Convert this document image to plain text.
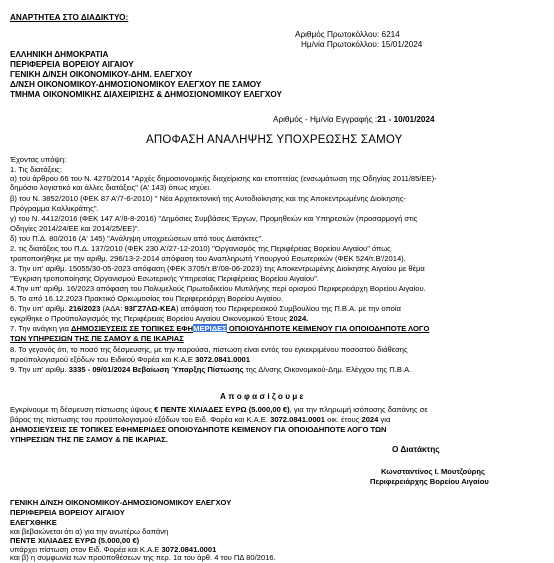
ΑΝΑΡΤΗΤΕΑ ΣΤΟ ΔΙΑΔΙΚΤΥΟ:
Αριθμός Πρωτοκόλλου: 6214
Ημ/νία Πρωτοκόλλου: 15/01/2024
ΕΛΛΗΝΙΚΗ ΔΗΜΟΚΡΑΤΙΑ
ΠΕΡΙΦΕΡΕΙΑ ΒΟΡΕΙΟΥ ΑΙΓΑΙΟΥ
ΓΕΝΙΚΗ Δ/ΝΣΗ ΟΙΚΟΝΟΜΙΚΟΥ-ΔΗΜ. ΕΛΕΓΧΟΥ
Δ/ΝΣΗ ΟΙΚΟΝΟΜΙΚΟΥ-ΔΗΜΟΣΙΟΝΟΜΙΚΟΥ ΕΛΕΓΧΟΥ ΠΕ ΣΑΜΟΥ
ΤΜΗΜΑ ΟΙΚΟΝΟΜΙΚΗΣ ΔΙΑΧΕΙΡΙΣΗΣ & ΔΗΜΟΣΙΟΝΟΜΙΚΟΥ ΕΛΕΓΧΟΥ
Αριθμός - Ημ/νία Εγγραφής :21 - 10/01/2024
ΑΠΟΦΑΣΗ ΑΝΑΛΗΨΗΣ ΥΠΟΧΡΕΩΣΗΣ ΣΑΜΟΥ
Έχοντας υπόψη:
1. Τις διατάξεις:
α) του άρθρου 66 του Ν. 4270/2014 "Αρχές δημοσιονομικής διαχείρισης και εποπτείας (ενσωμάτωση της Οδηγίας 2011/85/ΕΕ)-
δημόσιο λογιστικό και άλλες διατάξεις" (Α' 143) όπως ισχύει.
β) του Ν. 3852/2010 (ΦΕΚ 87 Α'/7-6-2010) " Νέα Αρχιτεκτονική της Αυτοδιοίκησης και της Αποκεντρωμένης Διοίκησης-
Πρόγραμμα Καλλικράτης".
γ) του Ν. 4412/2016 (ΦΕΚ 147 Α'/8-8-2016) "Δημόσιες Συμβάσεις Έργων, Προμηθειών και Υπηρεσιών (προσαρμογή στις
Οδηγίες 2014/24/ΕΕ και 2014/25/ΕΕ)".
δ) του Π.Δ. 80/2016 (Α' 145) "Ανάληψη υποχρεώσεων από τους Διατάκτες".
2. τις διατάξεις του Π.Δ. 137/2010 (ΦΕΚ 230 Α'/27-12-2010) "Οργανισμός της Περιφέρειας Βορείου Αιγαίου" όπως
τροποποιήθηκε με την αριθμ. 296/13-2-2014 απόφαση του Αναπληρωτή Υπουργού Εσωτερικών (ΦΕΚ 524/τ.Β'/2014).
3. Την υπ' αριθμ. 15055/30-05-2023 απόφαση (ΦΕΚ 3705/τ.Β'/08-06-2023) της Αποκεντρωμένης Διοίκησης Αιγαίου με θέμα
"Έγκριση τροποποίησης Οργανισμού Εσωτερικής Υπηρεσίας Περιφέρειας Βορείου Αιγαίου".
4.Την υπ' αριθμ. 16/2023 απόφαση του Πολυμελούς Πρωτοδικείου Μυτιλήνης περί ορισμού Περιφερειάρχη Βορείου Αιγαίου.
5. Το από 16.12.2023 Πρακτικό Ορκωμοσίας του Περιφερειάρχη Βορείου Αιγαίου.
6. Την υπ' αριθμ. 216/2023 (ΑΔΑ: 93ΓΖ7ΛΩ-ΚΕΑ) απόφαση του Περιφερειακού Συμβουλίου της Π.Β.Α. με την οποία
εγκρίθηκε ο Προϋπολογισμός της Περιφέρειας Βορείου Αιγαίου Οικονομικού Έτους 2024.
7. Την ανάγκη για ΔΗΜΟΣΙΕΥΣΕΙΣ ΣΕ ΤΟΠΙΚΕΣ ΕΦΗΜΕΡΙΔΕΣ ΟΠΟΙΟΥΔΗΠΟΤΕ ΚΕΙΜΕΝΟΥ ΓΙΑ ΟΠΟΙΟΔΗΠΟΤΕ ΛΟΓΟ
ΤΩΝ ΥΠΗΡΕΣΙΩΝ ΤΗΣ ΠΕ ΣΑΜΟΥ & ΠΕ ΙΚΑΡΙΑΣ
8. Το γεγονός ότι, το ποσό της δέσμευσης, με την παρούσα, πίστωση είναι εντός του εγκεκριμένου ποσοστού διάθεσης
προϋπολογισμού εξόδων του Ειδικού Φορέα και Κ.Α.Ε 3072.0841.0001
9. Την υπ' αριθμ. 3335 - 09/01/2024 Βεβαίωση Ύπαρξης Πίστωσης της Δ/νσης Οικονομικού-Δημ. Ελέγχου της Π.Β.Α.
Α π ο φ α σ ί ζ ο υ μ ε
Εγκρίνουμε τη δέσμευση πίστωσης ύψους € ΠΕΝΤΕ ΧΙΛΙΑΔΕΣ ΕΥΡΩ (5.000,00 €), για την πληρωμή ισόποσης δαπάνης σε
βάρος της πίστωσης του προϋπολογισμού εξόδων του Ειδ. Φορέα και Κ.Α.Ε. 3072.0841.0001 οικ. έτους 2024 για
ΔΗΜΟΣΙΕΥΣΕΙΣ ΣΕ ΤΟΠΙΚΕΣ ΕΦΗΜΕΡΙΔΕΣ ΟΠΟΙΟΥΔΗΠΟΤΕ ΚΕΙΜΕΝΟΥ ΓΙΑ ΟΠΟΙΟΔΗΠΟΤΕ ΛΟΓΟ ΤΩΝ
ΥΠΗΡΕΣΙΩΝ ΤΗΣ ΠΕ ΣΑΜΟΥ & ΠΕ ΙΚΑΡΙΑΣ.
Ο Διατάκτης
Κωνσταντίνος Ι. Μουτζούρης
Περιφερειάρχης Βορείου Αιγαίου
ΓΕΝΙΚΗ Δ/ΝΣΗ ΟΙΚΟΝΟΜΙΚΟΥ-ΔΗΜΟΣΙΟΝΟΜΙΚΟΥ ΕΛΕΓΧΟΥ
ΠΕΡΙΦΕΡΕΙΑ ΒΟΡΕΙΟΥ ΑΙΓΑΙΟΥ
ΕΛΕΓΧΘΗΚΕ
και βεβαιώνεται ότι α) για την ανωτέρω δαπάνη
ΠΕΝΤΕ ΧΙΛΙΑΔΕΣ ΕΥΡΩ (5.000,00 €)
υπάρχει πίστωση στον Ειδ. Φορέα και Κ.Α.Ε 3072.0841.0001
και β) η συμφωνία των προϋποθέσεων της περ. 1α του άρθ. 4 του ΠΔ 80/2016.
